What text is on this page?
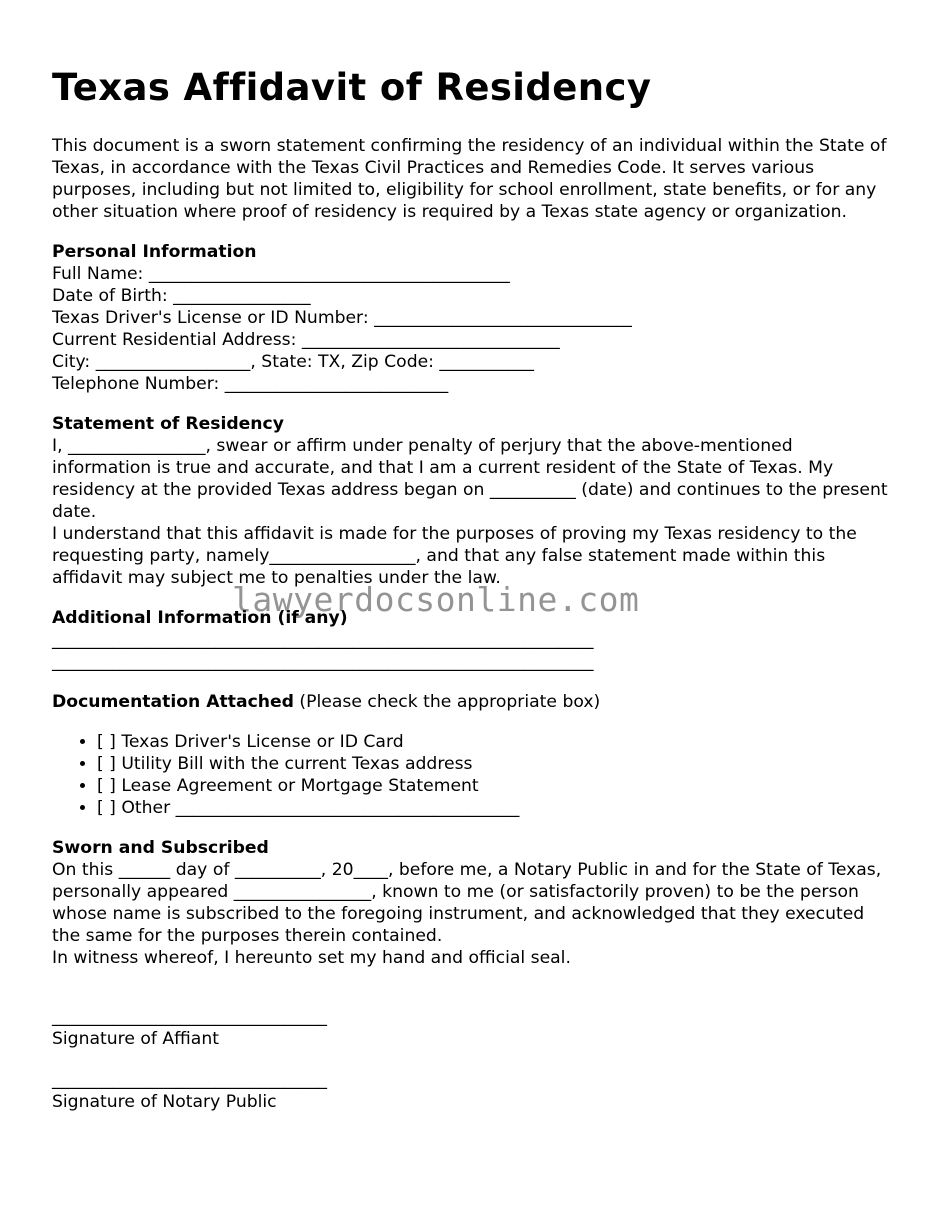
Texas Affidavit of Residency

This document is a sworn statement confirming the residency of an individual within the State of Texas, in accordance with the Texas Civil Practices and Remedies Code. It serves various purposes, including but not limited to, eligibility for school enrollment, state benefits, or for any other situation where proof of residency is required by a Texas state agency or organization.

Personal Information
Full Name: __________________________________________
Date of Birth: ________________
Texas Driver's License or ID Number: ______________________________
Current Residential Address: ______________________________
City: __________________, State: TX, Zip Code: ___________
Telephone Number: __________________________
Statement of Residency

I, ________________, swear or affirm under penalty of perjury that the above-mentioned information is true and accurate, and that I am a current resident of the State of Texas. My residency at the provided Texas address began on __________ (date) and continues to the present date.

I understand that this affidavit is made for the purposes of proving my Texas residency to the requesting party, namely_________________, and that any false statement made within this affidavit may subject me to penalties under the law.

Additional Information (if any)
_______________________________________________________________
_______________________________________________________________
Documentation Attached (Please check the appropriate box)
• [ ] Texas Driver's License or ID Card
• [ ] Utility Bill with the current Texas address
• [ ] Lease Agreement or Mortgage Statement
• [ ] Other ________________________________________
Sworn and Subscribed

On this ______ day of __________, 20____, before me, a Notary Public in and for the State of Texas, personally appeared ________________, known to me (or satisfactorily proven) to be the person whose name is subscribed to the foregoing instrument, and acknowledged that they executed the same for the purposes therein contained.

In witness whereof, I hereunto set my hand and official seal.

________________________________
Signature of Affiant
________________________________
Signature of Notary Public
lawyerdocsonline.com
